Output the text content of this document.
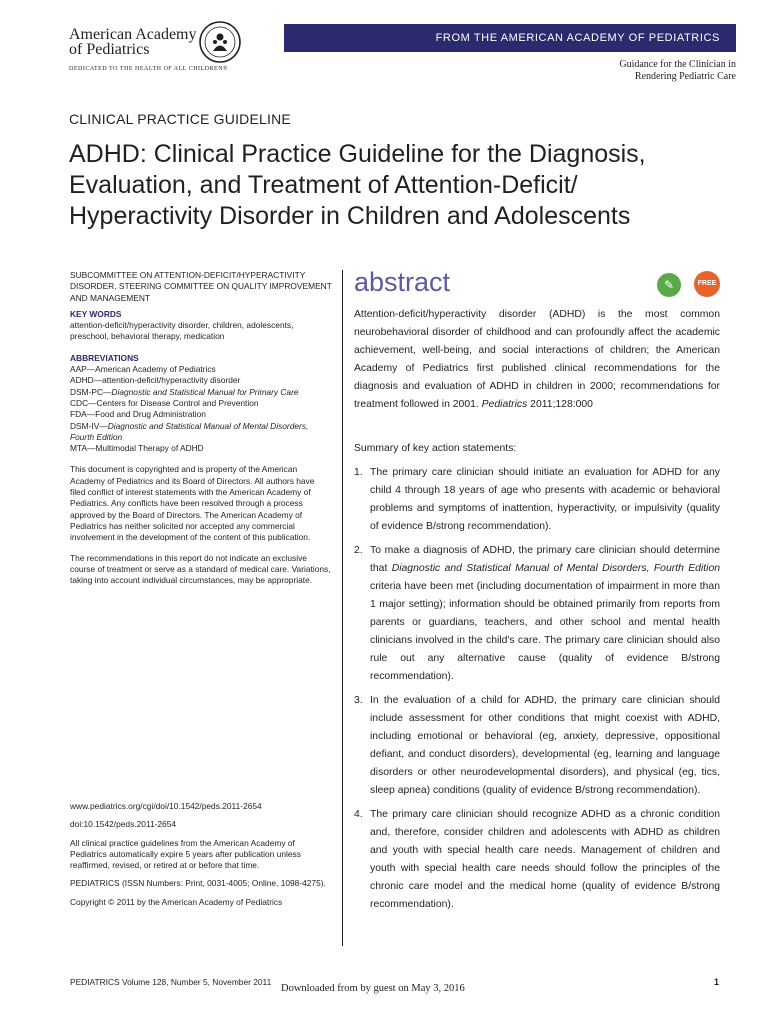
American Academy
of Pediatrics
DEDICATED TO THE HEALTH OF ALL CHILDREN®
FROM THE AMERICAN ACADEMY OF PEDIATRICS
Guidance for the Clinician in
Rendering Pediatric Care
CLINICAL PRACTICE GUIDELINE
ADHD: Clinical Practice Guideline for the Diagnosis,
Evaluation, and Treatment of Attention-Deficit/
Hyperactivity Disorder in Children and Adolescents
SUBCOMMITTEE ON ATTENTION-DEFICIT/HYPERACTIVITY DISORDER, STEERING COMMITTEE ON QUALITY IMPROVEMENT AND MANAGEMENT
KEY WORDS
attention-deficit/hyperactivity disorder, children, adolescents, preschool, behavioral therapy, medication
ABBREVIATIONS
AAP—American Academy of Pediatrics
ADHD—attention-deficit/hyperactivity disorder
DSM-PC—Diagnostic and Statistical Manual for Primary Care
CDC—Centers for Disease Control and Prevention
FDA—Food and Drug Administration
DSM-IV—Diagnostic and Statistical Manual of Mental Disorders, Fourth Edition
MTA—Multimodal Therapy of ADHD

This document is copyrighted and is property of the American Academy of Pediatrics and its Board of Directors. All authors have filed conflict of interest statements with the American Academy of Pediatrics. Any conflicts have been resolved through a process approved by the Board of Directors. The American Academy of Pediatrics has neither solicited nor accepted any commercial involvement in the development of the content of this publication.

The recommendations in this report do not indicate an exclusive course of treatment or serve as a standard of medical care. Variations, taking into account individual circumstances, may be appropriate.

www.pediatrics.org/cgi/doi/10.1542/peds.2011-2654

doi:10.1542/peds.2011-2654

All clinical practice guidelines from the American Academy of Pediatrics automatically expire 5 years after publication unless reaffirmed, revised, or retired at or before that time.

PEDIATRICS (ISSN Numbers: Print, 0031-4005; Online, 1098-4275).

Copyright © 2011 by the American Academy of Pediatrics

abstract	✎	FREE

Attention-deficit/hyperactivity disorder (ADHD) is the most common neurobehavioral disorder of childhood and can profoundly affect the academic achievement, well-being, and social interactions of children; the American Academy of Pediatrics first published clinical recommendations for the diagnosis and evaluation of ADHD in children in 2000; recommendations for treatment followed in 2001. Pediatrics 2011;128:000

Summary of key action statements:

1. The primary care clinician should initiate an evaluation for ADHD for any child 4 through 18 years of age who presents with academic or behavioral problems and symptoms of inattention, hyperactivity, or impulsivity (quality of evidence B/strong recommendation).
2. To make a diagnosis of ADHD, the primary care clinician should determine that Diagnostic and Statistical Manual of Mental Disorders, Fourth Edition criteria have been met (including documentation of impairment in more than 1 major setting); information should be obtained primarily from reports from parents or guardians, teachers, and other school and mental health clinicians involved in the child's care. The primary care clinician should also rule out any alternative cause (quality of evidence B/strong recommendation).
3. In the evaluation of a child for ADHD, the primary care clinician should include assessment for other conditions that might coexist with ADHD, including emotional or behavioral (eg, anxiety, depressive, oppositional defiant, and conduct disorders), developmental (eg, learning and language disorders or other neurodevelopmental disorders), and physical (eg, tics, sleep apnea) conditions (quality of evidence B/strong recommendation).
4. The primary care clinician should recognize ADHD as a chronic condition and, therefore, consider children and adolescents with ADHD as children and youth with special health care needs. Management of children and youth with special health care needs should follow the principles of the chronic care model and the medical home (quality of evidence B/strong recommendation).
PEDIATRICS Volume 128, Number 5, November 2011
Downloaded from by guest on May 3, 2016
1
